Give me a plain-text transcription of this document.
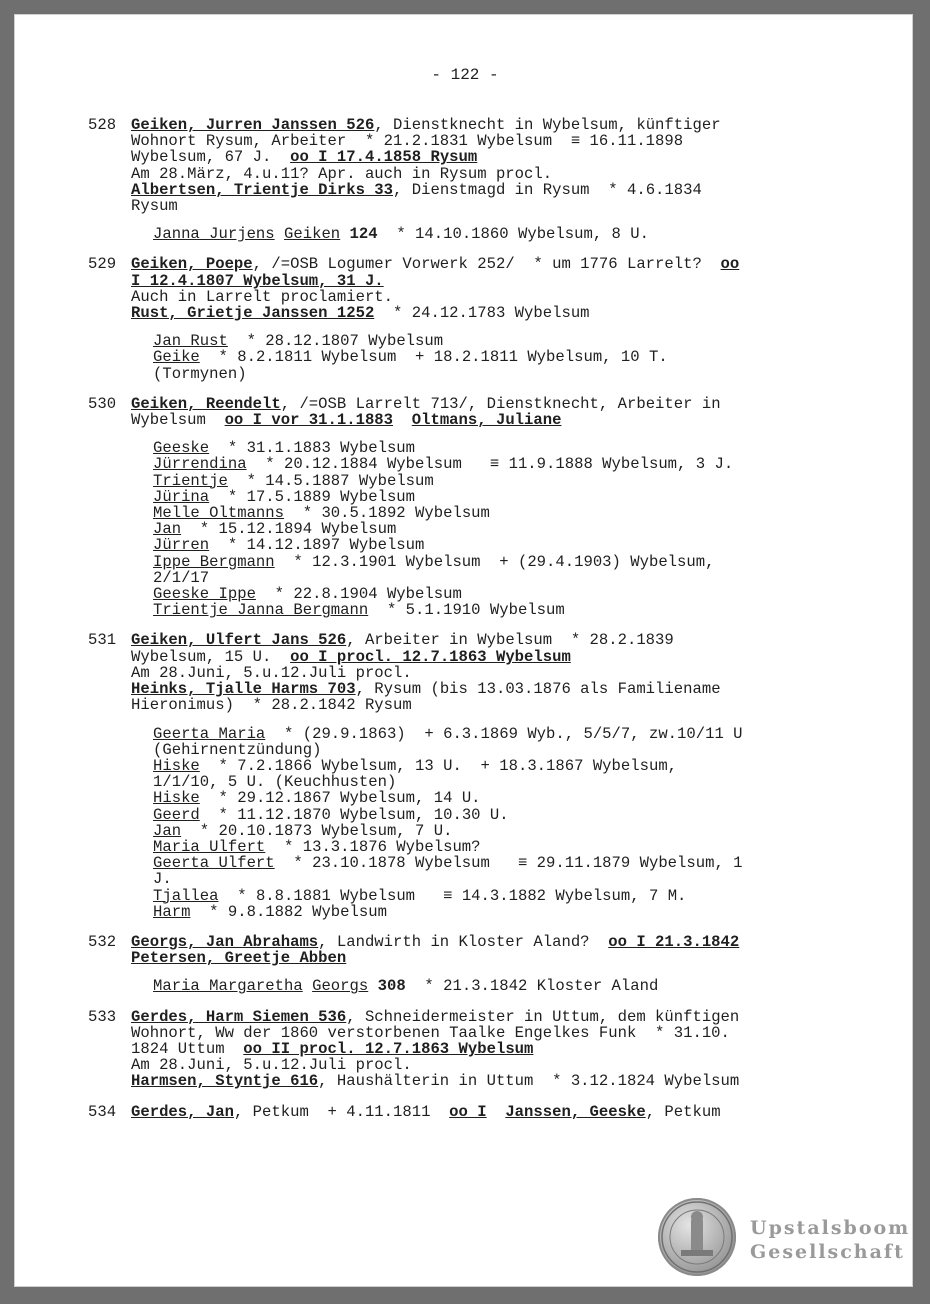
- 122 -
528 Geiken, Jurren Janssen 526, Dienstknecht in Wybelsum, künftiger
Wohnort Rysum, Arbeiter  * 21.2.1831 Wybelsum  ≡ 16.11.1898
Wybelsum, 67 J.  oo I 17.4.1858 Rysum
Am 28.März, 4.u.11? Apr. auch in Rysum procl.
Albertsen, Trientje Dirks 33, Dienstmagd in Rysum  * 4.6.1834
Rysum
Janna Jurjens Geiken 124  * 14.10.1860 Wybelsum, 8 U.
529 Geiken, Poepe, /=OSB Logumer Vorwerk 252/  * um 1776 Larrelt?  oo
I 12.4.1807 Wybelsum, 31 J.
Auch in Larrelt proclamiert.
Rust, Grietje Janssen 1252  * 24.12.1783 Wybelsum
Jan Rust  * 28.12.1807 Wybelsum
Geike  * 8.2.1811 Wybelsum  + 18.2.1811 Wybelsum, 10 T.
(Tormynen)
530 Geiken, Reendelt, /=OSB Larrelt 713/, Dienstknecht, Arbeiter in
Wybelsum  oo I vor 31.1.1883 Oltmans, Juliane
Geeske  * 31.1.1883 Wybelsum
Jürrendina  * 20.12.1884 Wybelsum   ≡ 11.9.1888 Wybelsum, 3 J.
Trientje  * 14.5.1887 Wybelsum
Jürina  * 17.5.1889 Wybelsum
Melle Oltmanns  * 30.5.1892 Wybelsum
Jan  * 15.12.1894 Wybelsum
Jürren  * 14.12.1897 Wybelsum
Ippe Bergmann  * 12.3.1901 Wybelsum  + (29.4.1903) Wybelsum,
2/1/17
Geeske Ippe  * 22.8.1904 Wybelsum
Trientje Janna Bergmann  * 5.1.1910 Wybelsum
531 Geiken, Ulfert Jans 526, Arbeiter in Wybelsum  * 28.2.1839
Wybelsum, 15 U.  oo I procl. 12.7.1863 Wybelsum
Am 28.Juni, 5.u.12.Juli procl.
Heinks, Tjalle Harms 703, Rysum (bis 13.03.1876 als Familiename
Hieronimus)  * 28.2.1842 Rysum
Geerta Maria  * (29.9.1863)  + 6.3.1869 Wyb., 5/5/7, zw.10/11 U
(Gehirnentzündung)
Hiske  * 7.2.1866 Wybelsum, 13 U.  + 18.3.1867 Wybelsum,
1/1/10, 5 U. (Keuchhusten)
Hiske  * 29.12.1867 Wybelsum, 14 U.
Geerd  * 11.12.1870 Wybelsum, 10.30 U.
Jan  * 20.10.1873 Wybelsum, 7 U.
Maria Ulfert  * 13.3.1876 Wybelsum?
Geerta Ulfert  * 23.10.1878 Wybelsum   ≡ 29.11.1879 Wybelsum, 1
J.
Tjallea  * 8.8.1881 Wybelsum   ≡ 14.3.1882 Wybelsum, 7 M.
Harm  * 9.8.1882 Wybelsum
532 Georgs, Jan Abrahams, Landwirth in Kloster Aland?  oo I 21.3.1842
Petersen, Greetje Abben
Maria Margaretha Georgs 308  * 21.3.1842 Kloster Aland
533 Gerdes, Harm Siemen 536, Schneidermeister in Uttum, dem künftigen
Wohnort, Ww der 1860 verstorbenen Taalke Engelkes Funk  * 31.10.
1824 Uttum  oo II procl. 12.7.1863 Wybelsum
Am 28.Juni, 5.u.12.Juli procl.
Harmsen, Styntje 616, Haushälterin in Uttum  * 3.12.1824 Wybelsum
534 Gerdes, Jan, Petkum  + 4.11.1811  oo I Janssen, Geeske, Petkum
Upstalsboom
Gesellschaft
